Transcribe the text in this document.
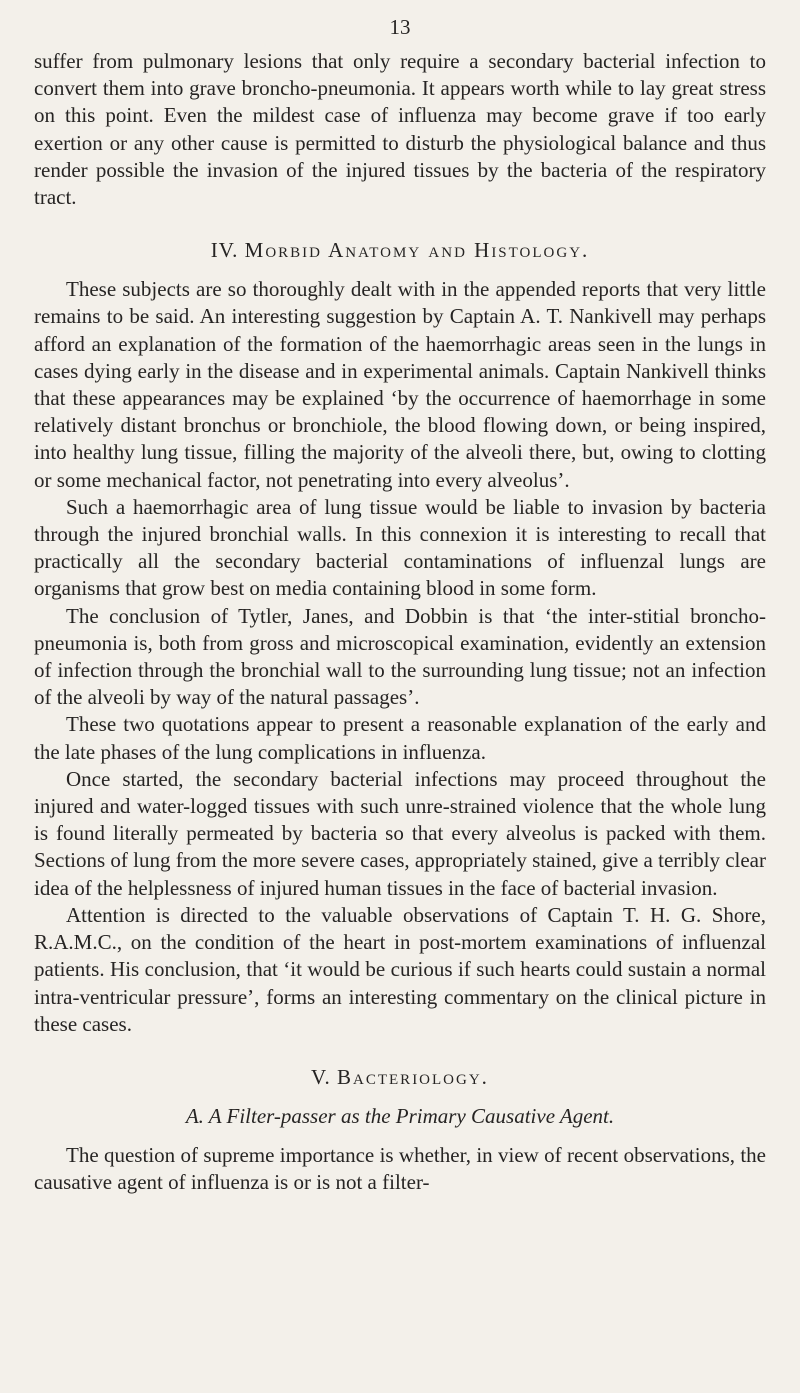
13

suffer from pulmonary lesions that only require a secondary bacterial infection to convert them into grave broncho-pneumonia. It appears worth while to lay great stress on this point. Even the mildest case of influenza may become grave if too early exertion or any other cause is permitted to disturb the physiological balance and thus render possible the invasion of the injured tissues by the bacteria of the respiratory tract.

IV. Morbid Anatomy and Histology.

These subjects are so thoroughly dealt with in the appended reports that very little remains to be said. An interesting suggestion by Captain A. T. Nankivell may perhaps afford an explanation of the formation of the haemorrhagic areas seen in the lungs in cases dying early in the disease and in experimental animals. Captain Nankivell thinks that these appearances may be explained ‘by the occurrence of haemorrhage in some relatively distant bronchus or bronchiole, the blood flowing down, or being inspired, into healthy lung tissue, filling the majority of the alveoli there, but, owing to clotting or some mechanical factor, not penetrating into every alveolus’.

Such a haemorrhagic area of lung tissue would be liable to invasion by bacteria through the injured bronchial walls. In this connexion it is interesting to recall that practically all the secondary bacterial contaminations of influenzal lungs are organisms that grow best on media containing blood in some form.

The conclusion of Tytler, Janes, and Dobbin is that ‘the inter-stitial broncho-pneumonia is, both from gross and microscopical examination, evidently an extension of infection through the bronchial wall to the surrounding lung tissue; not an infection of the alveoli by way of the natural passages’.

These two quotations appear to present a reasonable explanation of the early and the late phases of the lung complications in influenza.

Once started, the secondary bacterial infections may proceed throughout the injured and water-logged tissues with such unre-strained violence that the whole lung is found literally permeated by bacteria so that every alveolus is packed with them. Sections of lung from the more severe cases, appropriately stained, give a terribly clear idea of the helplessness of injured human tissues in the face of bacterial invasion.

Attention is directed to the valuable observations of Captain T. H. G. Shore, R.A.M.C., on the condition of the heart in post-mortem examinations of influenzal patients. His conclusion, that ‘it would be curious if such hearts could sustain a normal intra-ventricular pressure’, forms an interesting commentary on the clinical picture in these cases.

V. Bacteriology.
A. A Filter-passer as the Primary Causative Agent.

The question of supreme importance is whether, in view of recent observations, the causative agent of influenza is or is not a filter-
